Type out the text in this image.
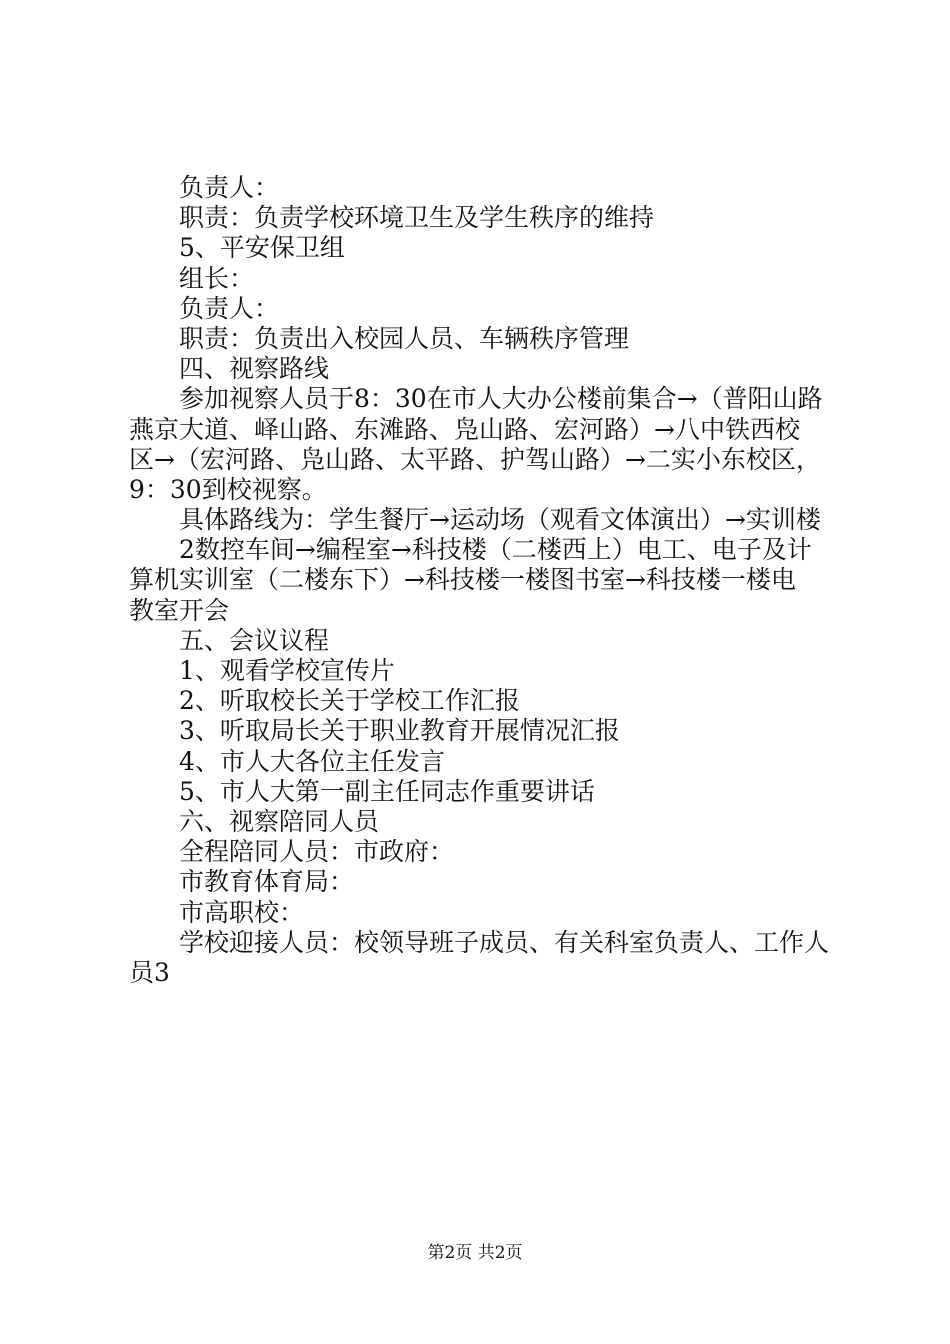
负责人：
职责：负责学校环境卫生及学生秩序的维持
5、平安保卫组
组长：
负责人：
职责：负责出入校园人员、车辆秩序管理
四、视察路线
参加视察人员于8：30在市人大办公楼前集合→（普阳山路
燕京大道、峄山路、东滩路、凫山路、宏河路）→八中铁西校
区→（宏河路、凫山路、太平路、护驾山路）→二实小东校区，
9：30到校视察。
具体路线为：学生餐厅→运动场（观看文体演出）→实训楼
2数控车间→编程室→科技楼（二楼西上）电工、电子及计
算机实训室（二楼东下）→科技楼一楼图书室→科技楼一楼电
教室开会
五、会议议程
1、观看学校宣传片
2、听取校长关于学校工作汇报
3、听取局长关于职业教育开展情况汇报
4、市人大各位主任发言
5、市人大第一副主任同志作重要讲话
六、视察陪同人员
全程陪同人员：市政府：
市教育体育局：
市高职校：
学校迎接人员：校领导班子成员、有关科室负责人、工作人
员3
第2页 共2页
